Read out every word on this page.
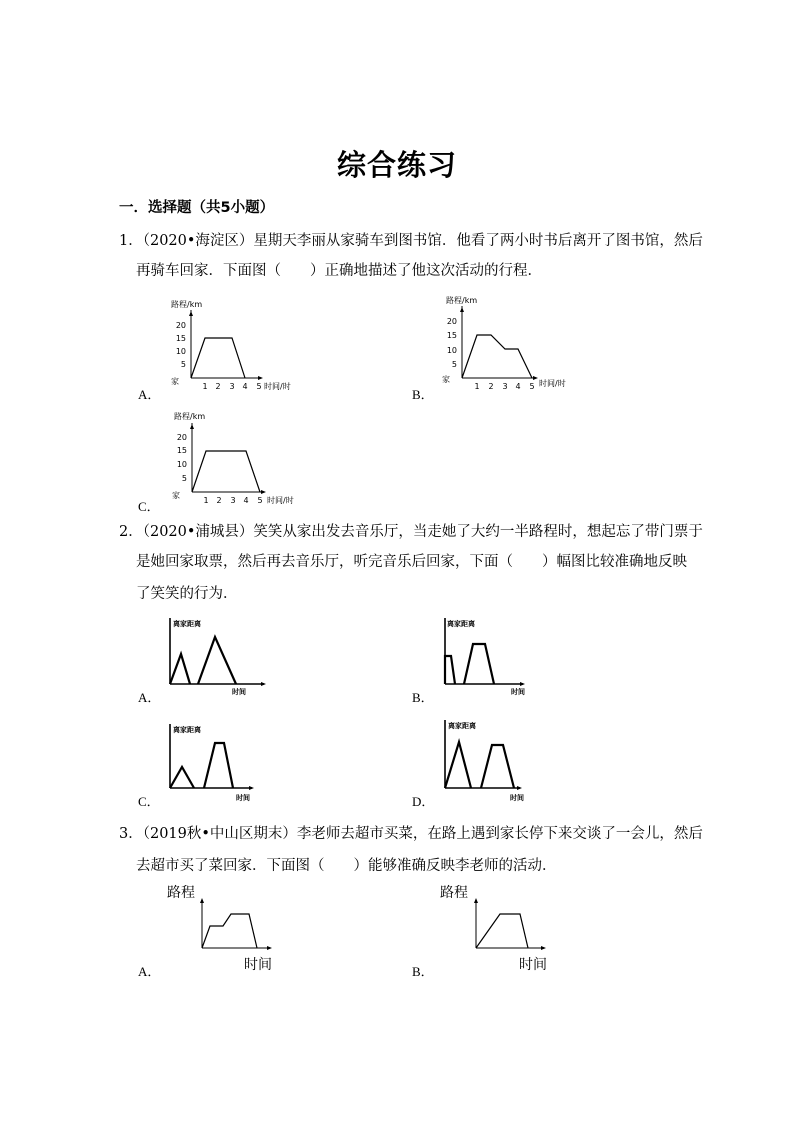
综合练习
一．选择题（共5小题）
1．（2020•海淀区）星期天李丽从家骑车到图书馆．他看了两小时书后离开了图书馆，然后
再骑车回家．下面图（　　）正确地描述了他这次活动的行程．
路程/km
20
15
10
5
家
1 2 3 4 5 时间/时
A．
路程/km
20
15
10
5
家
1 2 3 4 5 时间/时
B．
路程/km
20
15
10
5
家
1 2 3 4 5 时间/时
C．
2．（2020•浦城县）笑笑从家出发去音乐厅，当走她了大约一半路程时，想起忘了带门票于
是她回家取票，然后再去音乐厅，听完音乐后回家，下面（　　）幅图比较准确地反映
了笑笑的行为．
离家距离
时间
A．
离家距离
时间
B．
离家距离
时间
C．
离家距离
时间
D．
3．（2019秋•中山区期末）李老师去超市买菜，在路上遇到家长停下来交谈了一会儿，然后
去超市买了菜回家．下面图（　　）能够准确反映李老师的活动．
路程
时间
A．
路程
时间
B．
